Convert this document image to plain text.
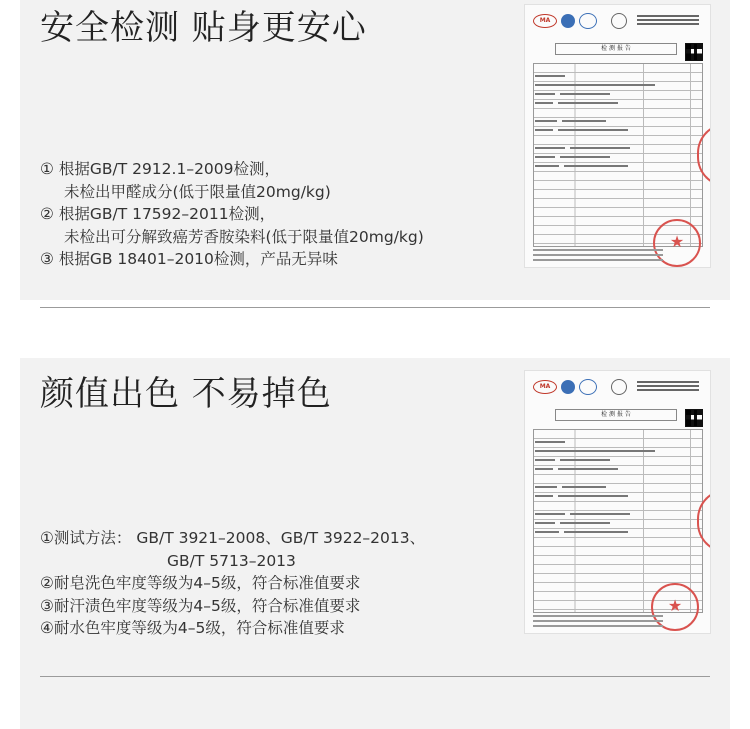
安全检测 贴身更安心
① 根据GB/T 2912.1–2009检测，
未检出甲醛成分(低于限量值20mg/kg)
② 根据GB/T 17592–2011检测，
未检出可分解致癌芳香胺染料(低于限量值20mg/kg)
③ 根据GB 18401–2010检测，产品无异味
MA
检 测 报 告

★
颜值出色 不易掉色
①测试方法： GB/T 3921–2008、GB/T 3922–2013、
GB/T 5713–2013
②耐皂洗色牢度等级为4–5级，符合标准值要求
③耐汗渍色牢度等级为4–5级，符合标准值要求
④耐水色牢度等级为4–5级，符合标准值要求
MA
检 测 报 告

★
